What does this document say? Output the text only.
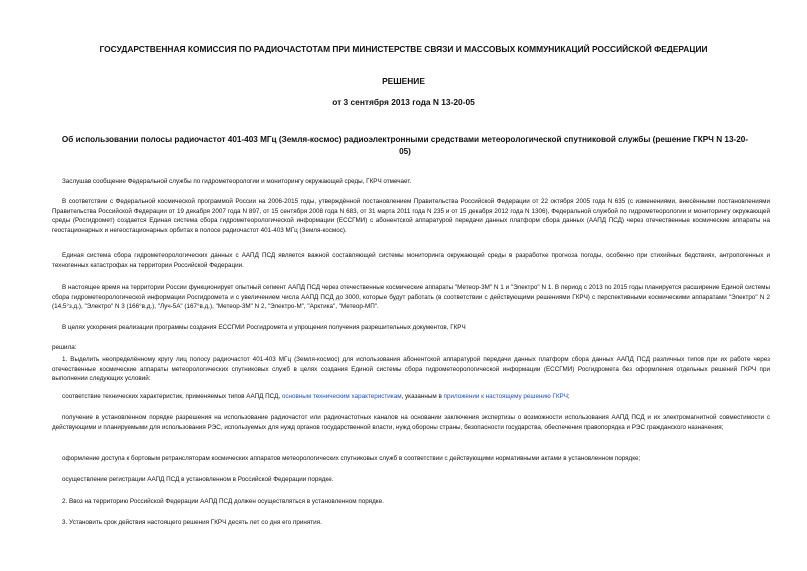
ГОСУДАРСТВЕННАЯ КОМИССИЯ ПО РАДИОЧАСТОТАМ ПРИ МИНИСТЕРСТВЕ СВЯЗИ И МАССОВЫХ КОММУНИКАЦИЙ РОССИЙСКОЙ ФЕДЕРАЦИИ
РЕШЕНИЕ
от 3 сентября 2013 года N 13-20-05
Об использовании полосы радиочастот 401-403 МГц (Земля-космос) радиоэлектронными средствами метеорологической спутниковой службы (решение ГКРЧ N 13-20-05)

Заслушав сообщение Федеральной службы по гидрометеорологии и мониторингу окружающей среды, ГКРЧ отмечает.

В соответствии с Федеральной космической программой России на 2006-2015 годы, утверждённой постановлением Правительства Российской Федерации от 22 октября 2005 года N 635 (с изменениями, внесёнными постановлениями Правительства Российской Федерации от 19 декабря 2007 года N 897, от 15 сентября 2008 года N 683, от 31 марта 2011 года N 235 и от 15 декабря 2012 года N 1306), Федеральной службой по гидрометеорологии и мониторингу окружающей среды (Росгидромет) создается Единая система сбора гидрометеорологической информации (ЕССГМИ) с абонентской аппаратурой передачи данных платформ сбора данных (ААПД ПСД) через отечественные космические аппараты на геостационарных и негеостационарных орбитах в полосе радиочастот 401-403 МГц (Земля-космос).

Единая система сбора гидрометеорологических данных с ААПД ПСД является важной составляющей системы мониторинга окружающей среды в разработке прогноза погоды, особенно при стихийных бедствиях, антропогенных и техногенных катастрофах на территории Российской Федерации.

В настоящее время на территории России функционирует опытный сегмент ААПД ПСД через отечественные космические аппараты "Метеор-3М" N 1 и "Электро" N 1. В период с 2013 по 2015 годы планируется расширение Единой системы сбора гидрометеорологической информации Росгидромета и с увеличением числа ААПД ПСД до 3000, которые будут работать (в соответствии с действующими решениями ГКРЧ) с перспективными космическими аппаратами "Электро" N 2 (14,5°з.д.), "Электро" N 3 (166°в.д.), "Луч-5А" (167°в.д.), "Метеор-3М" N 2, "Электро-М", "Арктика", "Метеор-МП".

В целях ускорения реализации программы создания ЕССГМИ Росгидромета и упрощения получения разрешительных документов, ГКРЧ

решила:

1. Выделить неопределённому кругу лиц полосу радиочастот 401-403 МГц (Земля-космос) для использования абонентской аппаратурой передачи данных платформ сбора данных ААПД ПСД различных типов при их работе через отечественные космические аппараты метеорологических спутниковых служб в целях создания Единой системы сбора гидрометеорологической информации (ЕССГМИ) Росгидромета без оформления отдельных решений ГКРЧ при выполнении следующих условий:

соответствие технических характеристик, применяемых типов ААПД ПСД, основным техническим характеристикам, указанным в приложении к настоящему решению ГКРЧ;

получение в установленном порядке разрешения на использование радиочастот или радиочастотных каналов на основании заключения экспертизы о возможности использования ААПД ПСД и их электромагнитной совместимости с действующими и планируемыми для использования РЭС, используемых для нужд органов государственной власти, нужд обороны страны, безопасности государства, обеспечения правопорядка и РЭС гражданского назначения;

оформление доступа к бортовым ретрансляторам космических аппаратов метеорологических спутниковых служб в соответствии с действующими нормативными актами в установленном порядке;

осуществление регистрации ААПД ПСД в установленном в Российской Федерации порядке.

2. Ввоз на территорию Российской Федерации ААПД ПСД должен осуществляться в установленном порядке.

3. Установить срок действия настоящего решения ГКРЧ десять лет со дня его принятия.
